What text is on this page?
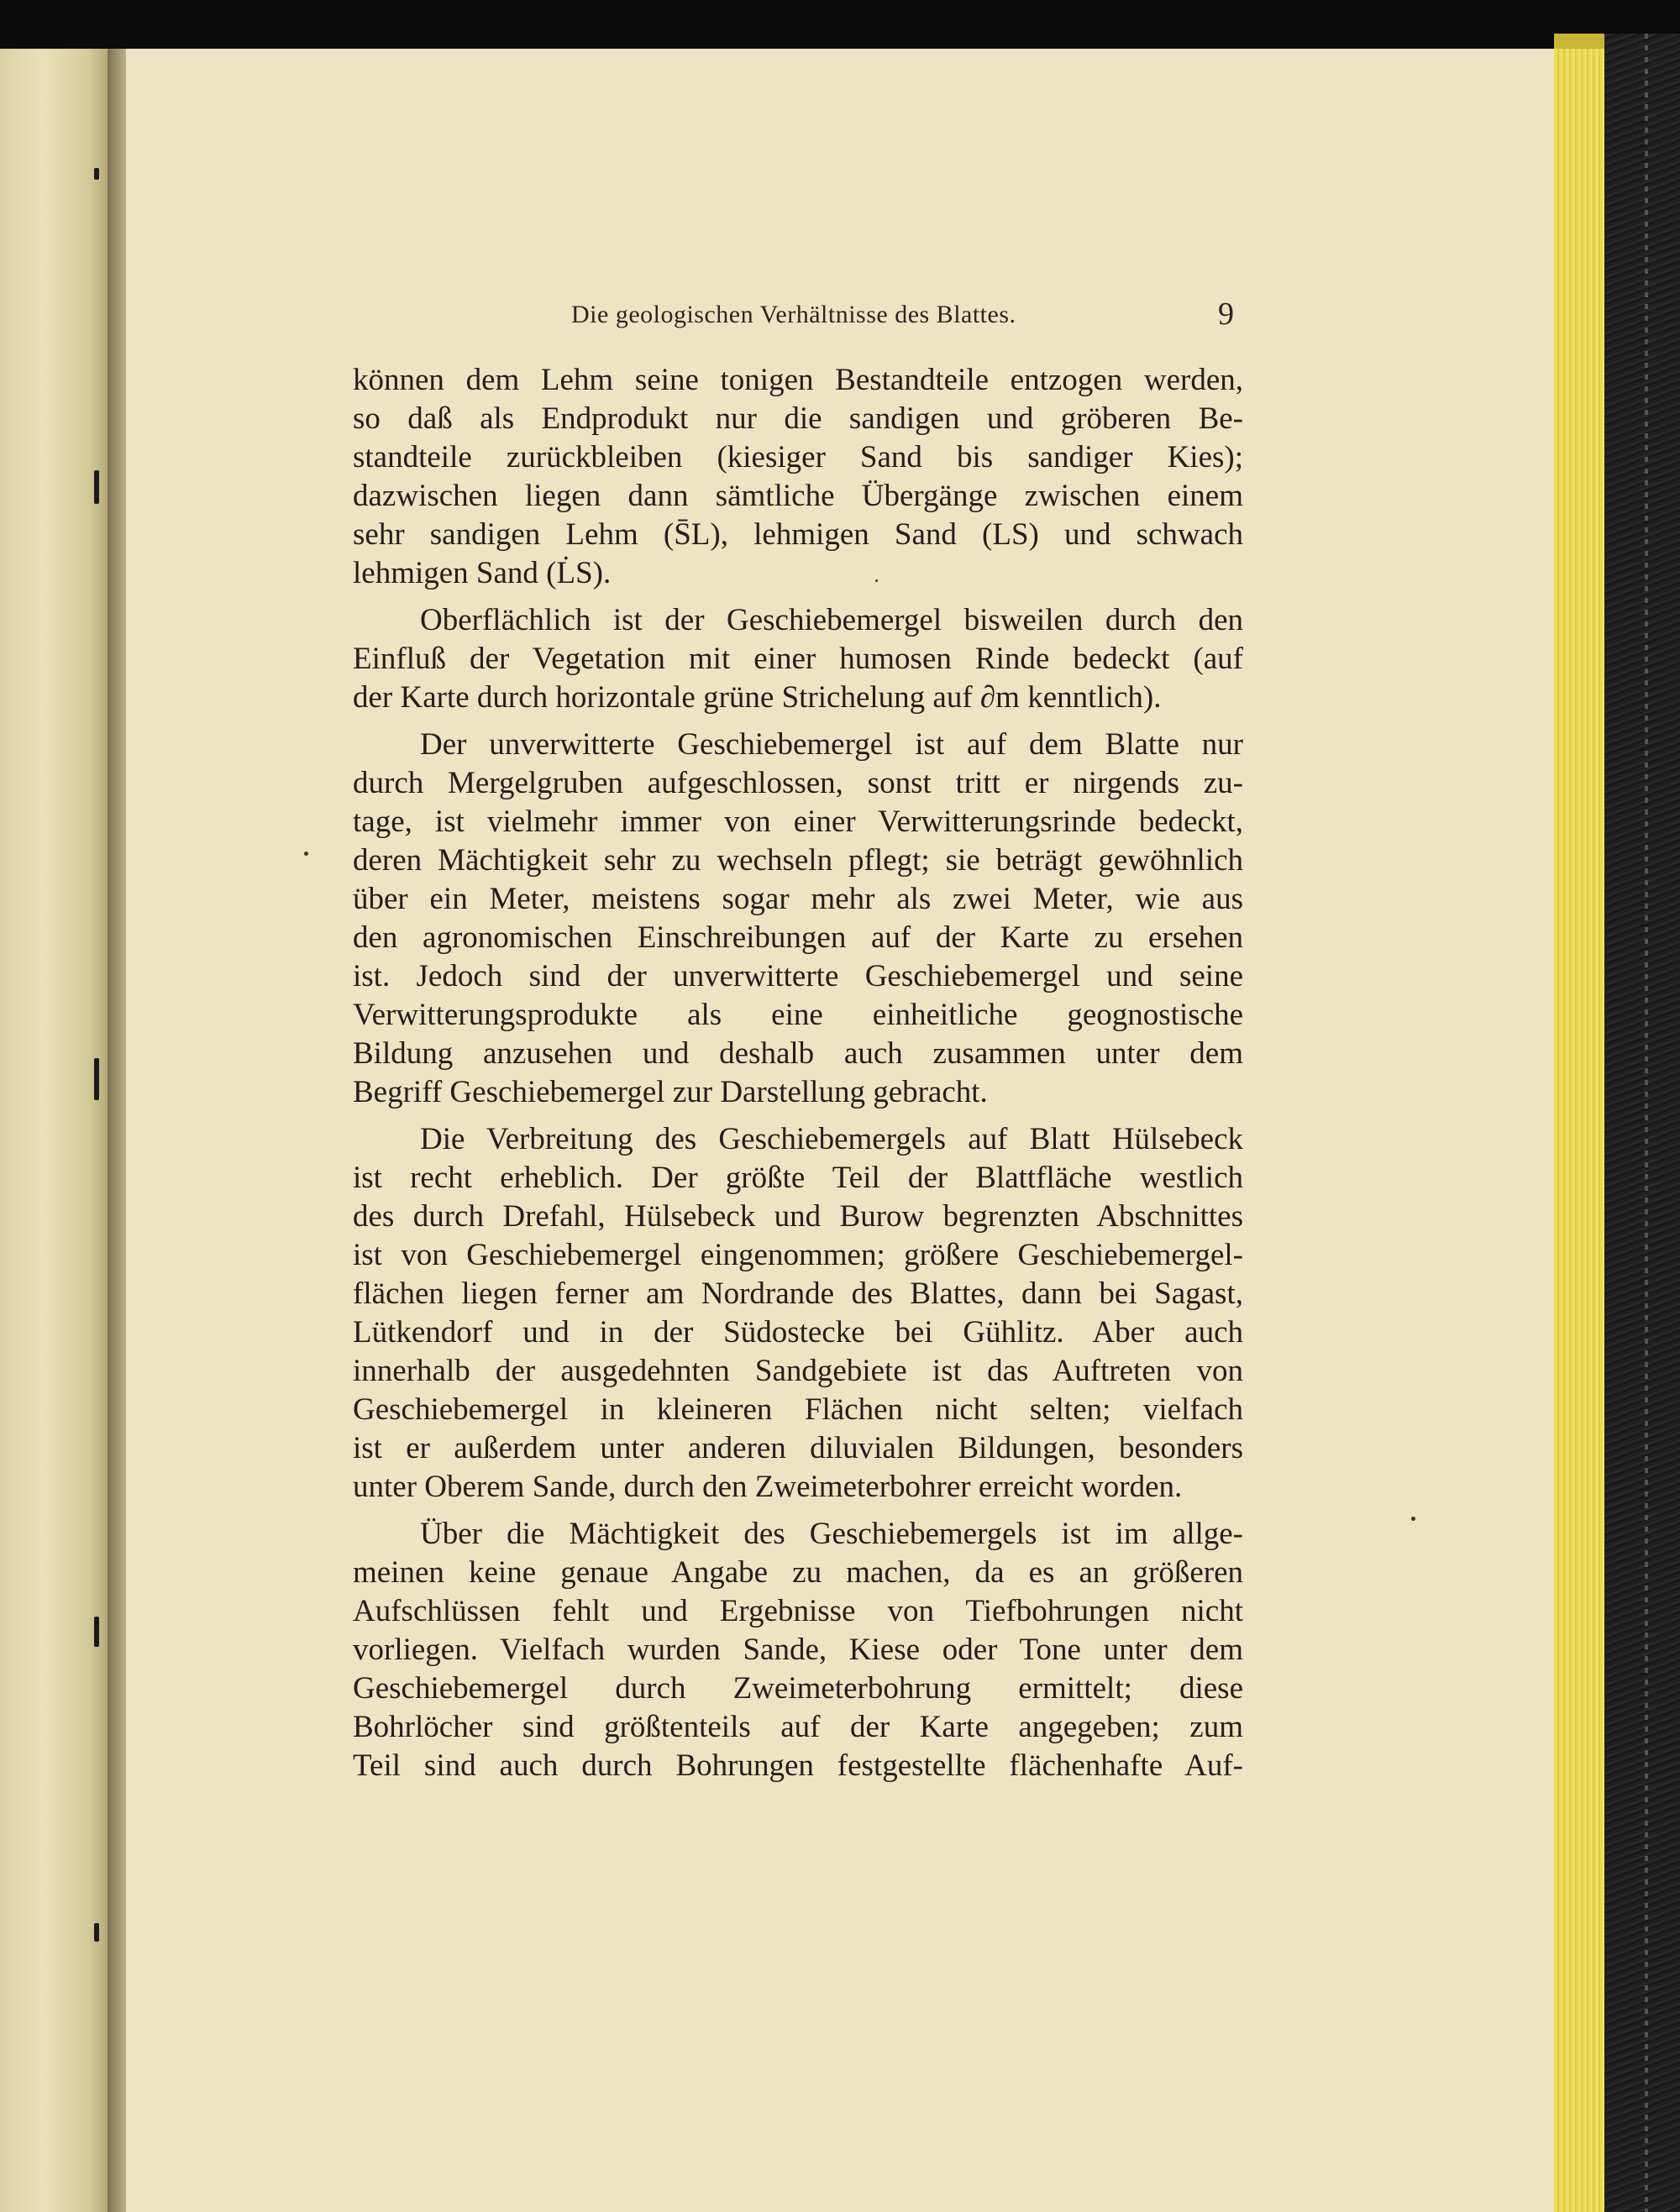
Die geologischen Verhältnisse des Blattes.	9
können dem Lehm seine tonigen Bestandteile entzogen werden,
so daß als Endprodukt nur die sandigen und gröberen Be-
standteile zurückbleiben (kiesiger Sand bis sandiger Kies);
dazwischen liegen dann sämtliche Übergänge zwischen einem
sehr sandigen Lehm (S̄L), lehmigen Sand (LS) und schwach
lehmigen Sand (L̇S).
Oberflächlich ist der Geschiebemergel bisweilen durch den
Einfluß der Vegetation mit einer humosen Rinde bedeckt (auf
der Karte durch horizontale grüne Strichelung auf ∂m kenntlich).
Der unverwitterte Geschiebemergel ist auf dem Blatte nur
durch Mergelgruben aufgeschlossen, sonst tritt er nirgends zu-
tage, ist vielmehr immer von einer Verwitterungsrinde bedeckt,
deren Mächtigkeit sehr zu wechseln pflegt; sie beträgt gewöhnlich
über ein Meter, meistens sogar mehr als zwei Meter, wie aus
den agronomischen Einschreibungen auf der Karte zu ersehen
ist. Jedoch sind der unverwitterte Geschiebemergel und seine
Verwitterungsprodukte als eine einheitliche geognostische
Bildung anzusehen und deshalb auch zusammen unter dem
Begriff Geschiebemergel zur Darstellung gebracht.
Die Verbreitung des Geschiebemergels auf Blatt Hülsebeck
ist recht erheblich. Der größte Teil der Blattfläche westlich
des durch Drefahl, Hülsebeck und Burow begrenzten Abschnittes
ist von Geschiebemergel eingenommen; größere Geschiebemergel-
flächen liegen ferner am Nordrande des Blattes, dann bei Sagast,
Lütkendorf und in der Südostecke bei Gühlitz. Aber auch
innerhalb der ausgedehnten Sandgebiete ist das Auftreten von
Geschiebemergel in kleineren Flächen nicht selten; vielfach
ist er außerdem unter anderen diluvialen Bildungen, besonders
unter Oberem Sande, durch den Zweimeterbohrer erreicht worden.
Über die Mächtigkeit des Geschiebemergels ist im allge-
meinen keine genaue Angabe zu machen, da es an größeren
Aufschlüssen fehlt und Ergebnisse von Tiefbohrungen nicht
vorliegen. Vielfach wurden Sande, Kiese oder Tone unter dem
Geschiebemergel durch Zweimeterbohrung ermittelt; diese
Bohrlöcher sind größtenteils auf der Karte angegeben; zum
Teil sind auch durch Bohrungen festgestellte flächenhafte Auf-
